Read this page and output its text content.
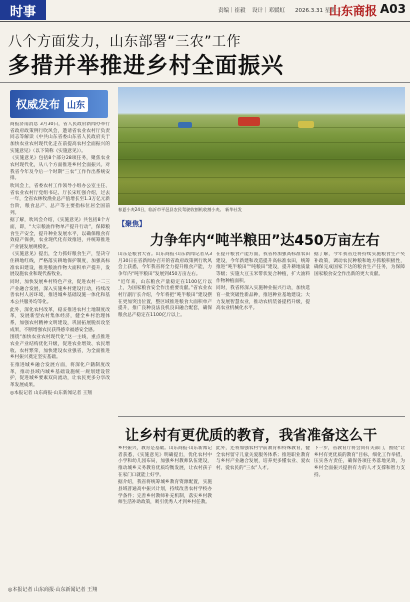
时事	责编｜崔毅 设计｜邓媛虹 2026.3.31 星期二
山东商报 A03
八个方面发力，山东部署“三农”工作
多措并举推进乡村全面振兴
权威发布 山东

商报济南消息 3月30日，省人民政府新闻办举行省政府政策例行吹风会，邀请省农业农村厅负责同志等解读《中共山东省委山东省人民政府关于加快农业农村现代化走在前提高农村全面振兴的实施意见》（以下简称《实施意见》）。

《实施意见》包括8个部分28项任务，聚焦农业农村现代化，从八个方面推进乡村全面振兴。对我省今年及今后一个时期“三农”工作作出系统安排。

吹风会上，省委农村工作领导小组办公室主任、省农业农村厅党组书记、厅长宋红强介绍，过去一年，全省农林牧渔业总产值增长至1.3万亿元新台阶，粮食总产、总产等主要指标位居全国前列。

据了解，吹风会介绍，《实施意见》共包括8个方面，即，“大宗粮油作物单产提升行动”，保障粮食生产安全，提升种业发展水平，以确保粮食有效稳产保供，农业现代化有效推进，并统筹推进产业链发展规模化。

《实施意见》提出，全力抓好粮食生产，坚决守住耕地红线，严格落实耕地保护制度，加强高标准农田建设，推进粮油作物大面积单产提升，发展设施农业和现代畜牧业。

同时，加快发展乡村特色产业，促进农村一二三产业融合发展，深入实施乡村建设行动，持续改善农村人居环境，推进城乡基础设施一体化和基本公共服务均等化。

此外，深化农村改革，稳妥推进农村土地制度改革，发展新型农村集体经济，健全乡村治理体系，加强农村精神文明建设，巩固拓展脱贫攻坚成果，不断增强农民获得感幸福感安全感。

围绕“加快农业农村现代化”这一主线，重点推进农业产业结构优化升级，促进农业增效、农民增收、农村繁荣，加快建设农业强省，为全面推进乡村振兴奠定坚实基础。

在推进城乡融合发展方面，将深化户籍制度改革，推动县域内城乡基础设施统一规划建设管护，促进城乡要素双向流动，让农民更多分享改革发展成果。

◎本报记者 山东商报·山东新闻记者 王翔

春夏小麦24日，临沂市平邑县农民驾驶收割机收割小麦。 新华社发
【聚焦】
力争年内“吨半粮田”达450万亩左右

山东是粮食大省。山东商报·山东新闻记者从3月30日在省新闻办召开的省政府政策例行吹风会上获悉，今年我省将全力提升粮食产能，力争年内“吨半粮田”发展到450万亩左右。

“近年来，山东粮食产量稳定在1100亿斤以上，为国家粮食安全作出重要贡献。”省农业农村厅副厅长介绍，今年将把“吨半粮田”建设摆在更加突出位置，整区域推进粮食大面积单产提升，推广良种良法良机良田融合配套，确保粮食总产稳定在1100亿斤以上。

在提升粮食产能方面，我省将加强高标准农田建设，今年新建和改造提升高标准农田，统筹推进“吨半粮田”“吨粮田”建设，提升耕地质量等级；实施大豆玉米带状复合种植，扩大油料作物种植面积。

同时，我省将深入实施种业振兴行动，加快选育一批突破性新品种，推进种业基地建设；大力发展智慧农业，推动农机装备提档升级，提高农业机械化水平。

据了解，今年我省还将持续实施粮食生产奖补政策，调动农民种粮和地方抓粮积极性，确保完成国家下达的粮食生产任务，为保障国家粮食安全作出新的更大贡献。

让乡村有更优质的教育，我省准备这么干

乡村振兴，教育是基础。山东商报·山东新闻记者获悉，《实施意见》明确提出，优化农村中小学和幼儿园布局，加强乡村教师队伍建设，推动城乡义务教育优质均衡发展，让农村孩子在家门口就能上好学。

据介绍，我省将统筹城乡教育资源配置，实施县域普通高中振兴计划，持续改善农村学校办学条件；完善乡村教师补充机制，落实乡村教师生活补助政策，吸引优秀人才到乡村任教。

此外，还将加强农村学前教育和特殊教育，健全农村留守儿童关爱服务体系；推进职业教育与乡村产业融合发展，培养更多懂农业、爱农村、爱农民的“三农”人才。

下一步，省教育厅将会同有关部门，围绕“让乡村有更优质的教育”目标，细化工作举措，压实各方责任，确保各项任务落地见效，为乡村全面振兴提供有力的人才支撑和智力支持。

◎本报记者 山东商报·山东新闻记者 王翔
